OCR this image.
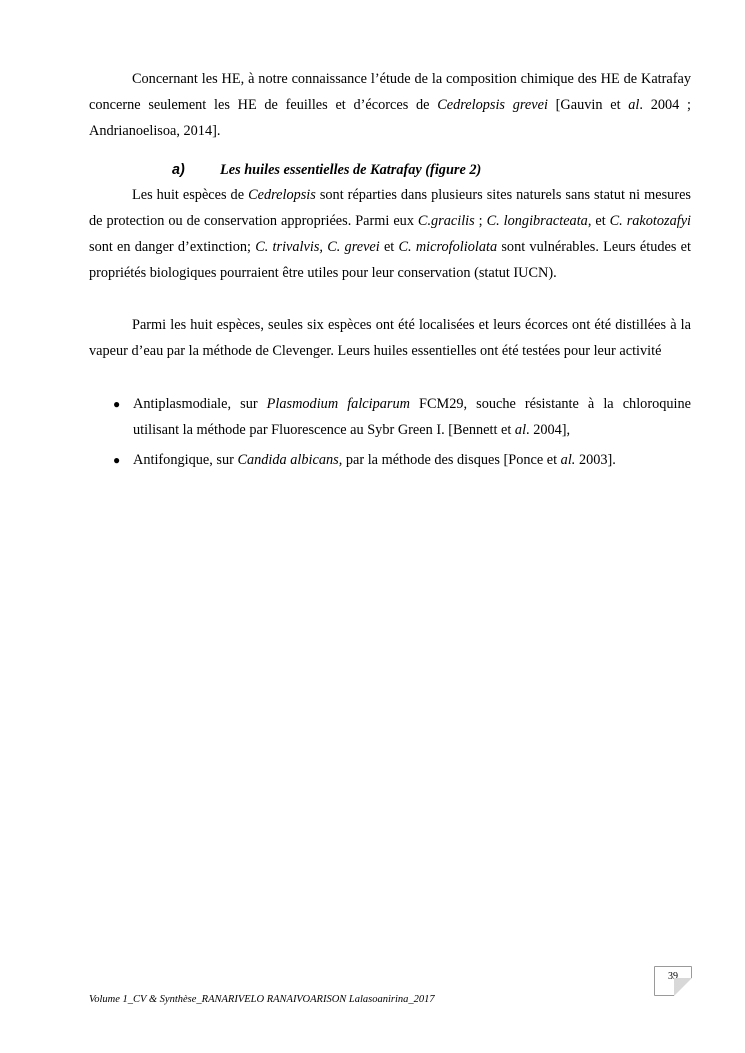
Concernant les HE, à notre connaissance l’étude de la composition chimique des HE de Katrafay concerne seulement les HE de feuilles et d’écorces de Cedrelopsis grevei [Gauvin et al. 2004 ; Andrianoelisoa, 2014].

a) Les huiles essentielles de Katrafay (figure 2)

Les huit espèces de Cedrelopsis sont réparties dans plusieurs sites naturels sans statut ni mesures de protection ou de conservation appropriées. Parmi eux C.gracilis ; C. longibracteata, et C. rakotozafyi sont en danger d’extinction; C. trivalvis, C. grevei et C. microfoliolata sont vulnérables. Leurs études et propriétés biologiques pourraient être utiles pour leur conservation (statut IUCN).

Parmi les huit espèces, seules six espèces ont été localisées et leurs écorces ont été distillées à la vapeur d’eau par la méthode de Clevenger. Leurs huiles essentielles ont été testées pour leur activité

● Antiplasmodiale, sur Plasmodium falciparum FCM29, souche résistante à la chloroquine utilisant la méthode par Fluorescence au Sybr Green I. [Bennett et al. 2004],
● Antifongique, sur Candida albicans, par la méthode des disques [Ponce et al. 2003].
39
Volume 1_CV & Synthèse_RANARIVELO RANAIVOARISON Lalasoanirina_2017
